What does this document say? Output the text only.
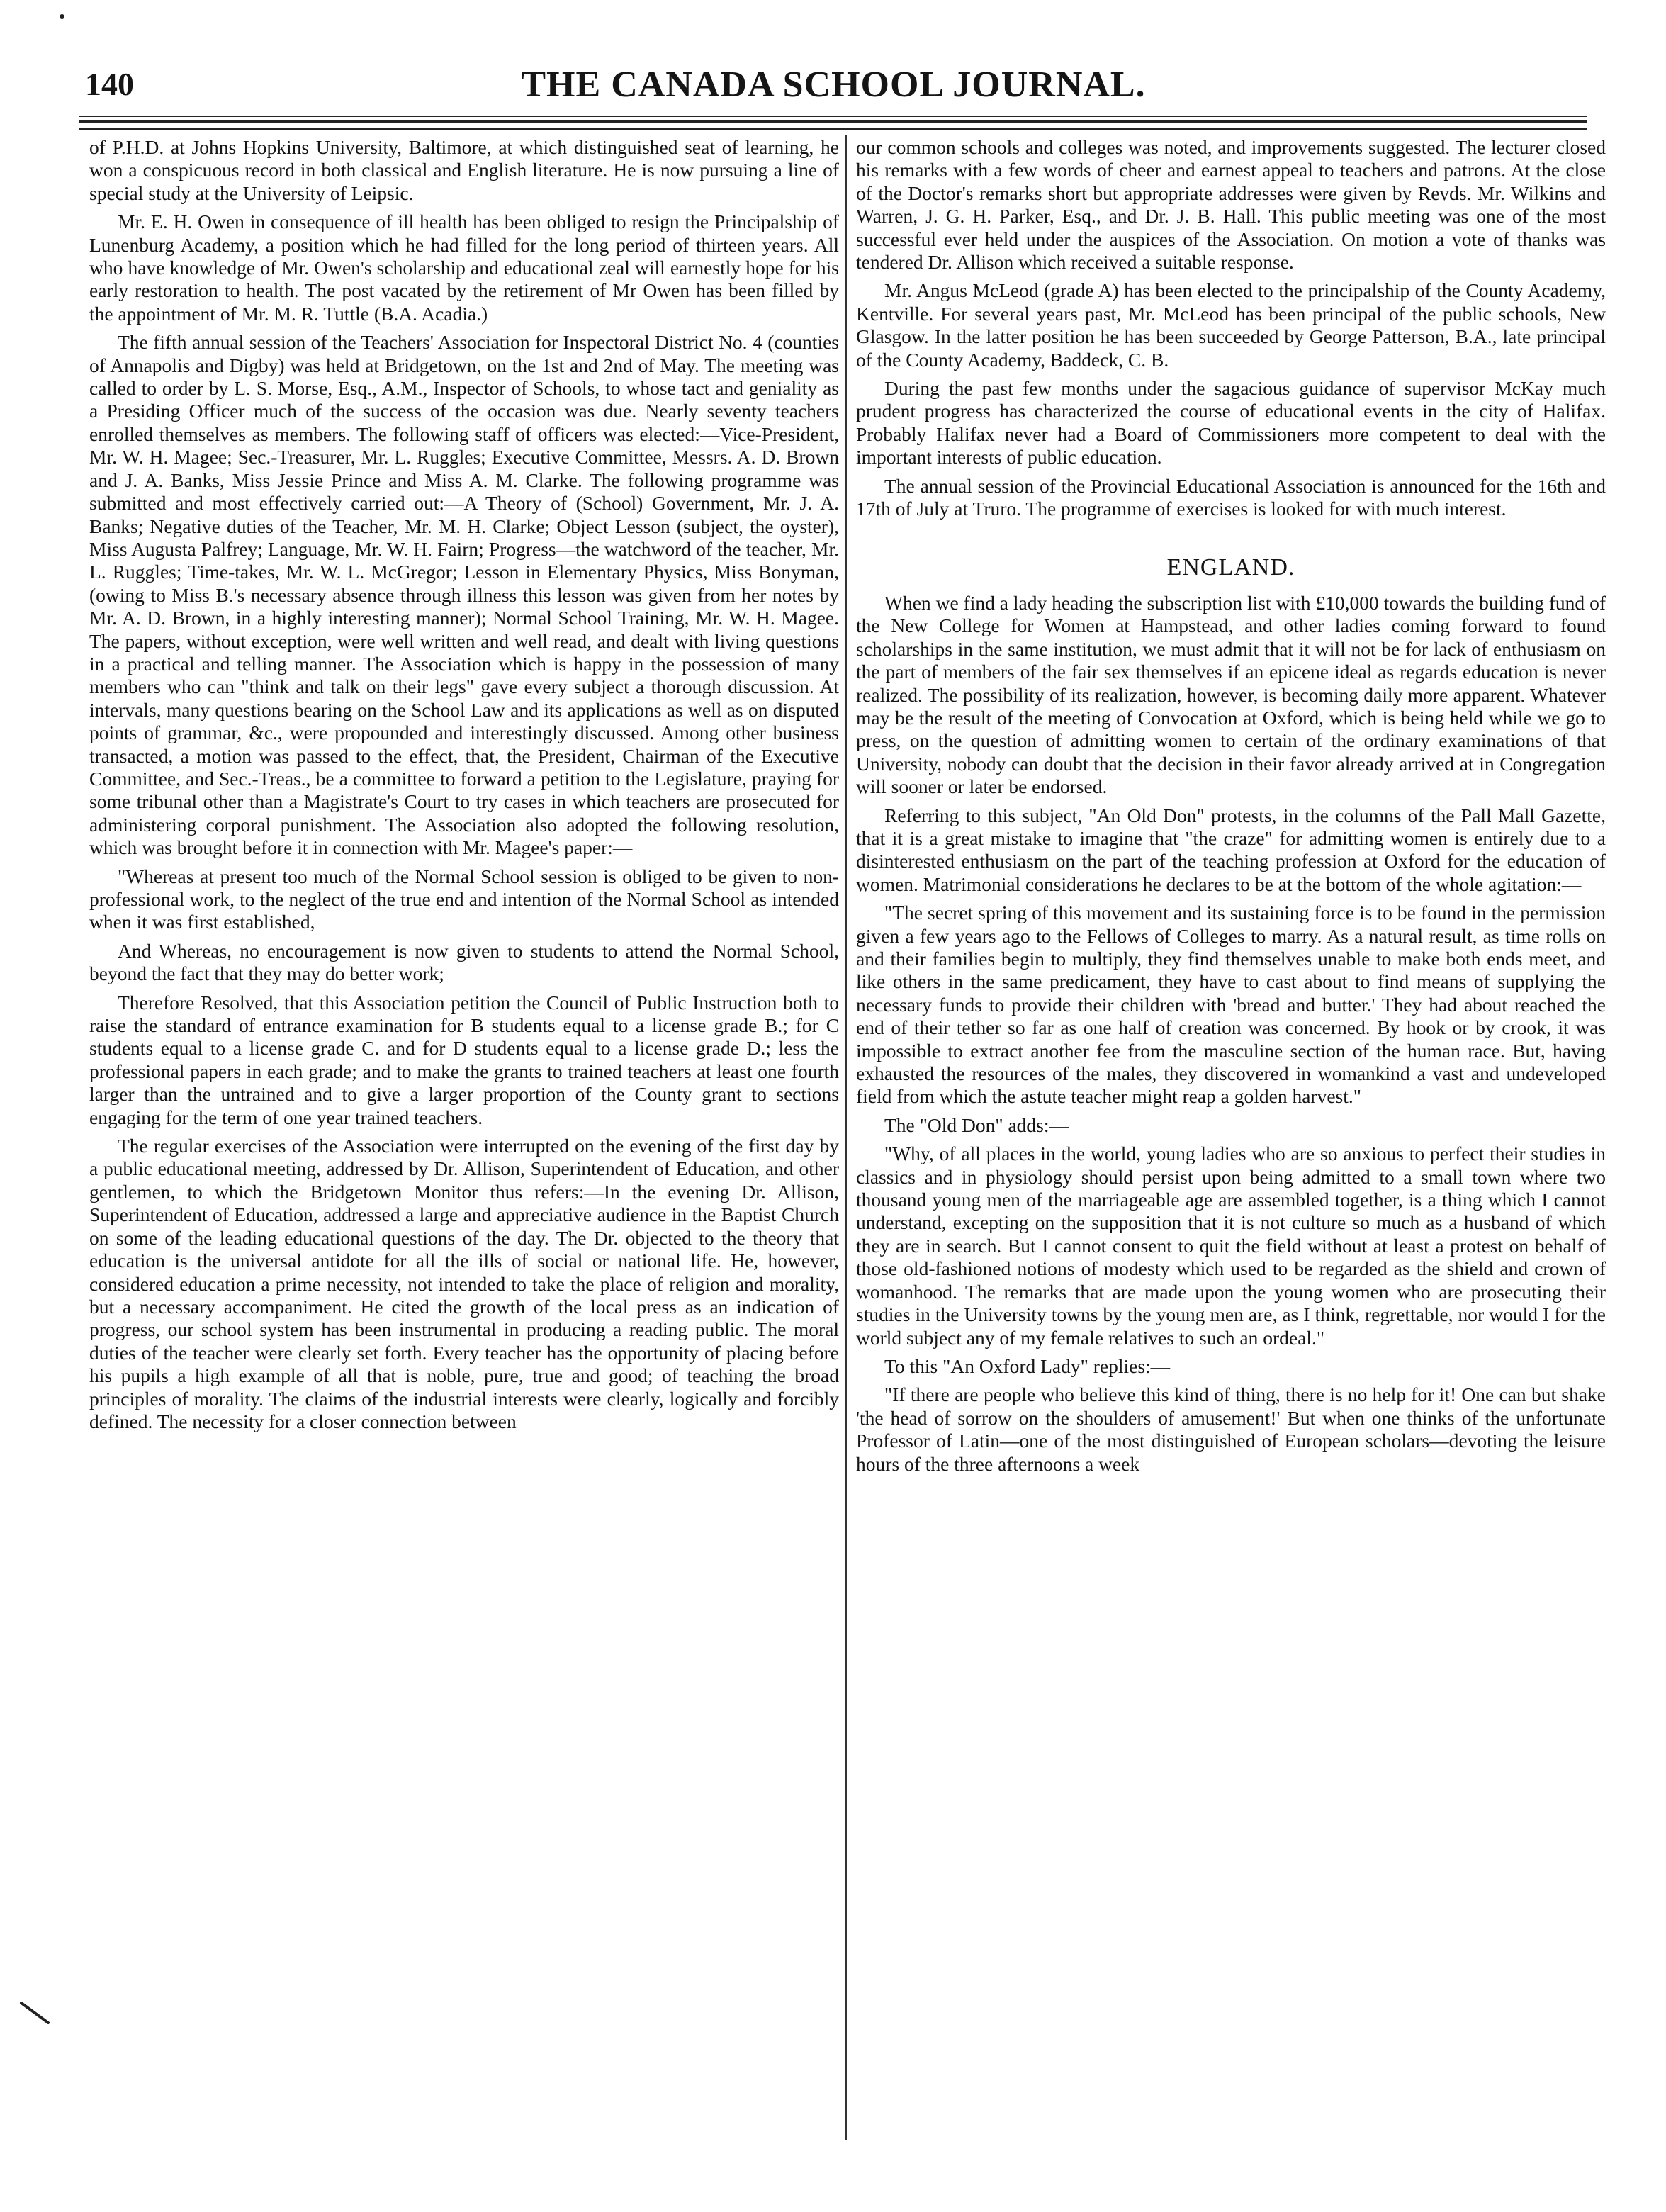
140	THE CANADA SCHOOL JOURNAL.

of P.H.D. at Johns Hopkins University, Baltimore, at which distinguished seat of learning, he won a conspicuous record in both classical and English literature. He is now pursuing a line of special study at the University of Leipsic.

Mr. E. H. Owen in consequence of ill health has been obliged to resign the Principalship of Lunenburg Academy, a position which he had filled for the long period of thirteen years. All who have knowledge of Mr. Owen's scholarship and educational zeal will earnestly hope for his early restoration to health. The post vacated by the retirement of Mr Owen has been filled by the appointment of Mr. M. R. Tuttle (B.A. Acadia.)

The fifth annual session of the Teachers' Association for Inspectoral District No. 4 (counties of Annapolis and Digby) was held at Bridgetown, on the 1st and 2nd of May. The meeting was called to order by L. S. Morse, Esq., A.M., Inspector of Schools, to whose tact and geniality as a Presiding Officer much of the success of the occasion was due. Nearly seventy teachers enrolled themselves as members. The following staff of officers was elected:—Vice-President, Mr. W. H. Magee; Sec.-Treasurer, Mr. L. Ruggles; Executive Committee, Messrs. A. D. Brown and J. A. Banks, Miss Jessie Prince and Miss A. M. Clarke. The following programme was submitted and most effectively carried out:—A Theory of (School) Government, Mr. J. A. Banks; Negative duties of the Teacher, Mr. M. H. Clarke; Object Lesson (subject, the oyster), Miss Augusta Palfrey; Language, Mr. W. H. Fairn; Progress—the watchword of the teacher, Mr. L. Ruggles; Time-takes, Mr. W. L. McGregor; Lesson in Elementary Physics, Miss Bonyman, (owing to Miss B.'s necessary absence through illness this lesson was given from her notes by Mr. A. D. Brown, in a highly interesting manner); Normal School Training, Mr. W. H. Magee. The papers, without exception, were well written and well read, and dealt with living questions in a practical and telling manner. The Association which is happy in the possession of many members who can "think and talk on their legs" gave every subject a thorough discussion. At intervals, many questions bearing on the School Law and its applications as well as on disputed points of grammar, &c., were propounded and interestingly discussed. Among other business transacted, a motion was passed to the effect, that, the President, Chairman of the Executive Committee, and Sec.-Treas., be a committee to forward a petition to the Legislature, praying for some tribunal other than a Magistrate's Court to try cases in which teachers are prosecuted for administering corporal punishment. The Association also adopted the following resolution, which was brought before it in connection with Mr. Magee's paper:—

"Whereas at present too much of the Normal School session is obliged to be given to non-professional work, to the neglect of the true end and intention of the Normal School as intended when it was first established,

And Whereas, no encouragement is now given to students to attend the Normal School, beyond the fact that they may do better work;

Therefore Resolved, that this Association petition the Council of Public Instruction both to raise the standard of entrance examination for B students equal to a license grade B.; for C students equal to a license grade C. and for D students equal to a license grade D.; less the professional papers in each grade; and to make the grants to trained teachers at least one fourth larger than the untrained and to give a larger proportion of the County grant to sections engaging for the term of one year trained teachers.

The regular exercises of the Association were interrupted on the evening of the first day by a public educational meeting, addressed by Dr. Allison, Superintendent of Education, and other gentlemen, to which the Bridgetown Monitor thus refers:—In the evening Dr. Allison, Superintendent of Education, addressed a large and appreciative audience in the Baptist Church on some of the leading educational questions of the day. The Dr. objected to the theory that education is the universal antidote for all the ills of social or national life. He, however, considered education a prime necessity, not intended to take the place of religion and morality, but a necessary accompaniment. He cited the growth of the local press as an indication of progress, our school system has been instrumental in producing a reading public. The moral duties of the teacher were clearly set forth. Every teacher has the opportunity of placing before his pupils a high example of all that is noble, pure, true and good; of teaching the broad principles of morality. The claims of the industrial interests were clearly, logically and forcibly defined. The necessity for a closer connection between

our common schools and colleges was noted, and improvements suggested. The lecturer closed his remarks with a few words of cheer and earnest appeal to teachers and patrons. At the close of the Doctor's remarks short but appropriate addresses were given by Revds. Mr. Wilkins and Warren, J. G. H. Parker, Esq., and Dr. J. B. Hall. This public meeting was one of the most successful ever held under the auspices of the Association. On motion a vote of thanks was tendered Dr. Allison which received a suitable response.

Mr. Angus McLeod (grade A) has been elected to the principalship of the County Academy, Kentville. For several years past, Mr. McLeod has been principal of the public schools, New Glasgow. In the latter position he has been succeeded by George Patterson, B.A., late principal of the County Academy, Baddeck, C. B.

During the past few months under the sagacious guidance of supervisor McKay much prudent progress has characterized the course of educational events in the city of Halifax. Probably Halifax never had a Board of Commissioners more competent to deal with the important interests of public education.

The annual session of the Provincial Educational Association is announced for the 16th and 17th of July at Truro. The programme of exercises is looked for with much interest.

ENGLAND.

When we find a lady heading the subscription list with £10,000 towards the building fund of the New College for Women at Hampstead, and other ladies coming forward to found scholarships in the same institution, we must admit that it will not be for lack of enthusiasm on the part of members of the fair sex themselves if an epicene ideal as regards education is never realized. The possibility of its realization, however, is becoming daily more apparent. Whatever may be the result of the meeting of Convocation at Oxford, which is being held while we go to press, on the question of admitting women to certain of the ordinary examinations of that University, nobody can doubt that the decision in their favor already arrived at in Congregation will sooner or later be endorsed.

Referring to this subject, "An Old Don" protests, in the columns of the Pall Mall Gazette, that it is a great mistake to imagine that "the craze" for admitting women is entirely due to a disinterested enthusiasm on the part of the teaching profession at Oxford for the education of women. Matrimonial considerations he declares to be at the bottom of the whole agitation:—

"The secret spring of this movement and its sustaining force is to be found in the permission given a few years ago to the Fellows of Colleges to marry. As a natural result, as time rolls on and their families begin to multiply, they find themselves unable to make both ends meet, and like others in the same predicament, they have to cast about to find means of supplying the necessary funds to provide their children with 'bread and butter.' They had about reached the end of their tether so far as one half of creation was concerned. By hook or by crook, it was impossible to extract another fee from the masculine section of the human race. But, having exhausted the resources of the males, they discovered in womankind a vast and undeveloped field from which the astute teacher might reap a golden harvest."

The "Old Don" adds:—

"Why, of all places in the world, young ladies who are so anxious to perfect their studies in classics and in physiology should persist upon being admitted to a small town where two thousand young men of the marriageable age are assembled together, is a thing which I cannot understand, excepting on the supposition that it is not culture so much as a husband of which they are in search. But I cannot consent to quit the field without at least a protest on behalf of those old-fashioned notions of modesty which used to be regarded as the shield and crown of womanhood. The remarks that are made upon the young women who are prosecuting their studies in the University towns by the young men are, as I think, regrettable, nor would I for the world subject any of my female relatives to such an ordeal."

To this "An Oxford Lady" replies:—

"If there are people who believe this kind of thing, there is no help for it! One can but shake 'the head of sorrow on the shoulders of amusement!' But when one thinks of the unfortunate Professor of Latin—one of the most distinguished of European scholars—devoting the leisure hours of the three afternoons a week
